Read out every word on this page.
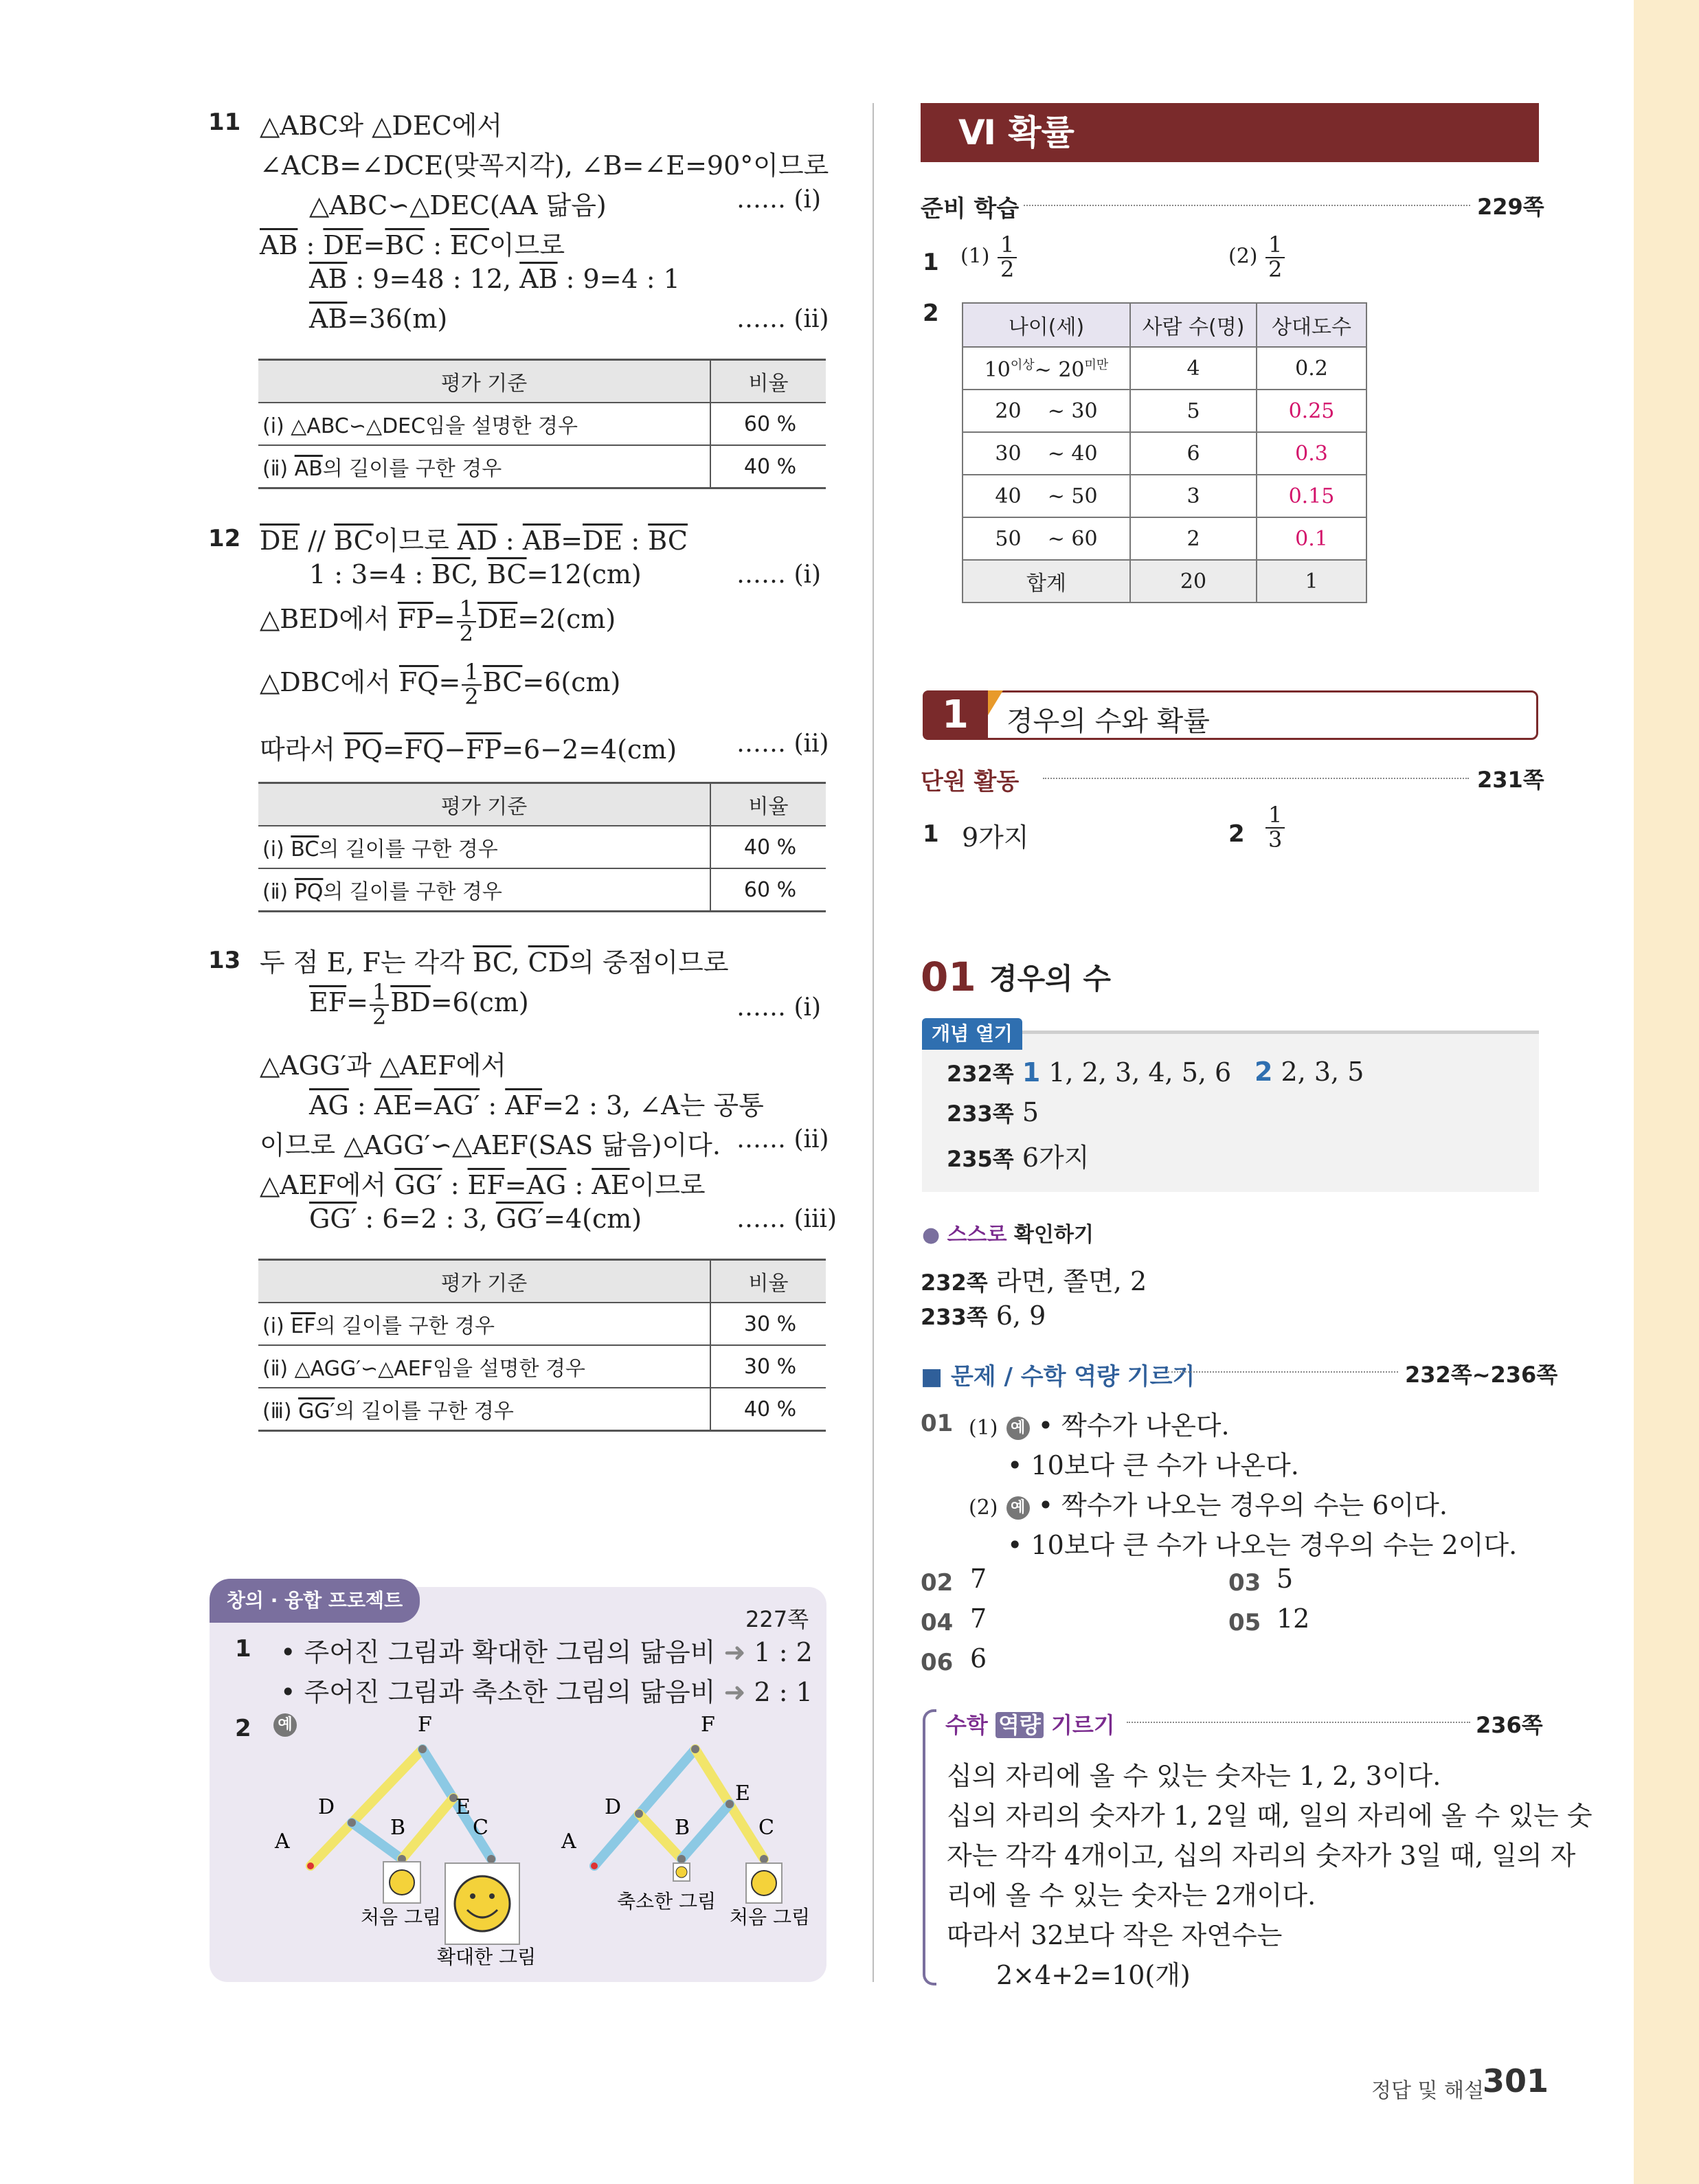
11 △ABC와 △DEC에서
∠ACB=∠DCE(맞꼭지각), ∠B=∠E=90°이므로
△ABC∽△DEC(AA 닮음)	…… (ⅰ)
$\overline{AB}$ : $\overline{DE}=\overline{BC}$ : $\overline{EC}$이므로
$\overline{AB}$ : 9=48 : 12, $\overline{AB}$ : 9=4 : 1
$\overline{AB}=36(m)$	…… (ⅱ)
평가 기준	비율
(ⅰ) △ABC∽△DEC임을 설명한 경우	60 %
(ⅱ) $\overline{AB}$의 길이를 구한 경우	40 %
12 $\overline{DE} // \overline{BC}$이므로 $\overline{AD}$ : $\overline{AB}=\overline{DE}$ : $\overline{BC}$
1 : 3=4 : $\overline{BC}$, $\overline{BC}=12(cm)$	…… (ⅰ)
△BED에서 $\overline{FP}= \frac{1}{2} \overline{DE}=2(cm)$
△DBC에서 $\overline{FQ}= \frac{1}{2} \overline{BC}=6(cm)$
따라서 $\overline{PQ}=\overline{FQ}-\overline{FP}=6-2=4(cm)$ …… (ⅱ)
평가 기준	비율
(ⅰ) $\overline{BC}$의 길이를 구한 경우	40 %
(ⅱ) $\overline{PQ}$의 길이를 구한 경우	60 %
13 두 점 E, F는 각각 $\overline{BC}$, $\overline{CD}$의 중점이므로
$\overline{EF}= \frac{1}{2} \overline{BD}=6(cm)$	…… (ⅰ)
△AGG′과 △AEF에서
$\overline{AG}$ : $\overline{AE}=AG'$ : $\overline{AF}=2$ : 3, ∠A는 공통
이므로 △AGG′∽△AEF(SAS 닮음)이다. …… (ⅱ)
△AEF에서 GG′ : $\overline{EF}=\overline{AG}$ : $\overline{AE}$이므로
GG′ : 6=2 : 3, GG′=4(cm)	…… (ⅲ)
평가 기준	비율
(ⅰ) $\overline{EF}$의 길이를 구한 경우	30 %
(ⅱ) △AGG′∽△AEF임을 설명한 경우	30 %
(ⅲ) GG′의 길이를 구한 경우	40 %
창의 · 융합 프로젝트
227쪽
1 • 주어진 그림과 확대한 그림의 닮음비 ➜ 1 : 2
• 주어진 그림과 축소한 그림의 닮음비 ➜ 2 : 1
2 예	F
D	E
A
B	C
처음 그림
확대한 그림
F
D
E
A
B	C
축소한 그림
처음 그림
Ⅵ 확률
준비 학습	229쪽
1 $(1) \frac{1}{2}$	$(2) \frac{1}{2}$
2
나이(세)	사람 수(명)	상대도수
$10^{이상}\sim$ $20^{미만}$	4	0.2
20    ~ 30	5	0.25
30    ~ 40	6	0.3
40    ~ 50	3	0.15
50    ~ 60	2	0.1
합계	20	1
1	경우의 수와 확률
단원 활동	231쪽
1 9가지	$2 \frac{1}{3}$
01 경우의 수
개념 열기
232쪽 1 1, 2, 3, 4, 5, 6 2 2, 3, 5
233쪽 5
235쪽 6가지
● 스스로 확인하기
232쪽 라면, 쫄면, 2
233쪽 6, 9
■ 문제 / 수학 역량 기르기	232쪽~236쪽
01 (1) 예 • 짝수가 나온다.
• 10보다 큰 수가 나온다.
(2) 예 • 짝수가 나오는 경우의 수는 6이다.
• 10보다 큰 수가 나오는 경우의 수는 2이다.
02 7	03 5
04 7	05 12
06 6
수학 역량 기르기	236쪽
십의 자리에 올 수 있는 숫자는 1, 2, 3이다.
십의 자리의 숫자가 1, 2일 때, 일의 자리에 올 수 있는 숫
자는 각각 4개이고, 십의 자리의 숫자가 3일 때, 일의 자
리에 올 수 있는 숫자는 2개이다.
따라서 32보다 작은 자연수는
2×4+2=10(개)
정답 및 해설
301
